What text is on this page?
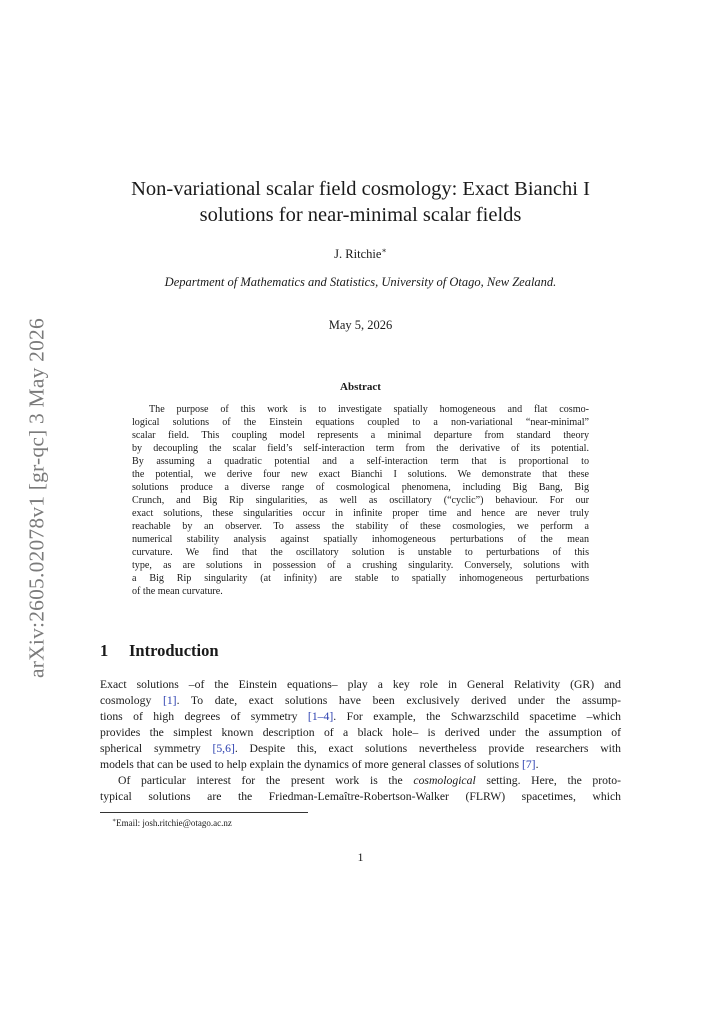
arXiv:2605.02078v1 [gr-qc] 3 May 2026
Non-variational scalar field cosmology: Exact Bianchi I
solutions for near-minimal scalar fields
J. Ritchie∗
Department of Mathematics and Statistics, University of Otago, New Zealand.
May 5, 2026
Abstract
The purpose of this work is to investigate spatially homogeneous and flat cosmo-
logical solutions of the Einstein equations coupled to a non-variational “near-minimal”
scalar field. This coupling model represents a minimal departure from standard theory
by decoupling the scalar field’s self-interaction term from the derivative of its potential.
By assuming a quadratic potential and a self-interaction term that is proportional to
the potential, we derive four new exact Bianchi I solutions. We demonstrate that these
solutions produce a diverse range of cosmological phenomena, including Big Bang, Big
Crunch, and Big Rip singularities, as well as oscillatory (“cyclic”) behaviour. For our
exact solutions, these singularities occur in infinite proper time and hence are never truly
reachable by an observer. To assess the stability of these cosmologies, we perform a
numerical stability analysis against spatially inhomogeneous perturbations of the mean
curvature. We find that the oscillatory solution is unstable to perturbations of this
type, as are solutions in possession of a crushing singularity. Conversely, solutions with
a Big Rip singularity (at infinity) are stable to spatially inhomogeneous perturbations
of the mean curvature.
1 Introduction
Exact solutions –of the Einstein equations– play a key role in General Relativity (GR) and
cosmology [1]. To date, exact solutions have been exclusively derived under the assump-
tions of high degrees of symmetry [1–4]. For example, the Schwarzschild spacetime –which
provides the simplest known description of a black hole– is derived under the assumption of
spherical symmetry [5,6]. Despite this, exact solutions nevertheless provide researchers with
models that can be used to help explain the dynamics of more general classes of solutions [7].
Of particular interest for the present work is the cosmological setting. Here, the proto-
typical solutions are the Friedman-Lemaître-Robertson-Walker (FLRW) spacetimes, which
∗Email: josh.ritchie@otago.ac.nz
1
